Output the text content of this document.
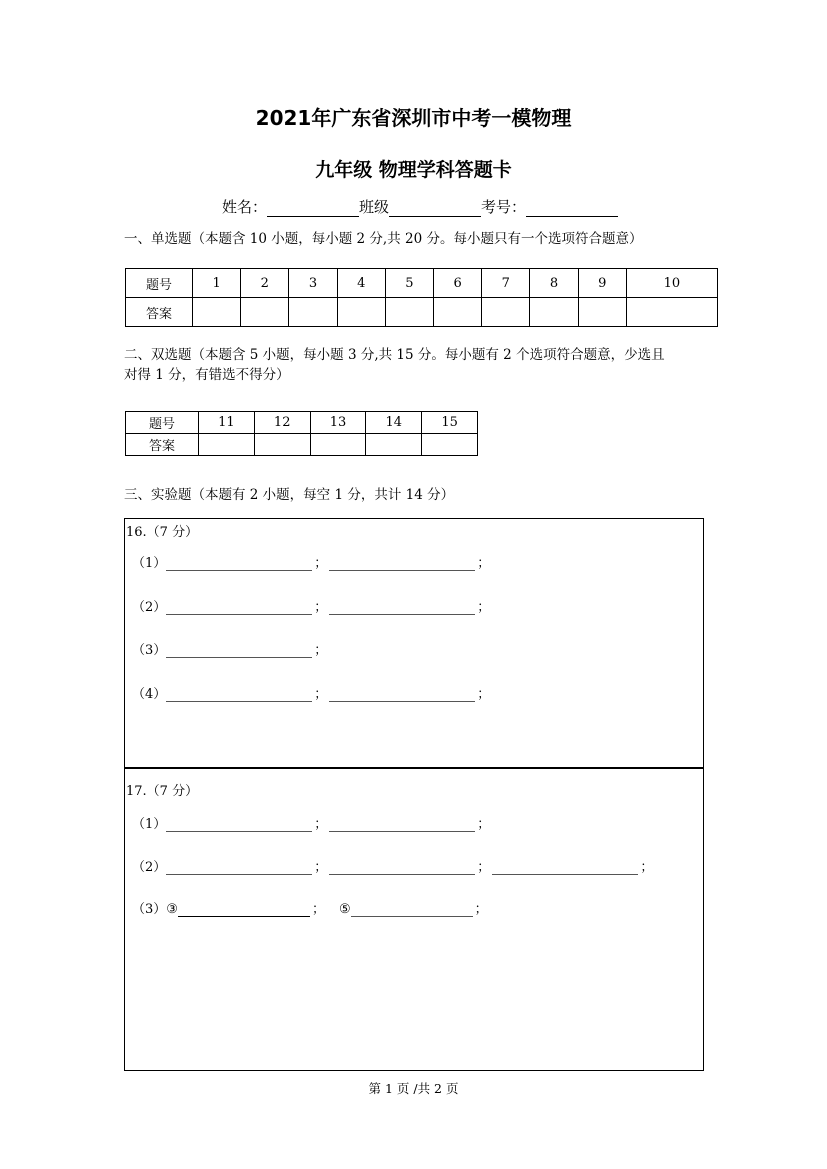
2021年广东省深圳市中考一模物理
九年级 物理学科答题卡
姓名：	班级	考号：
一、单选题（本题含 10 小题，每小题 2 分,共 20 分。每小题只有一个选项符合题意）
题号	1	2	3	4	5	6	7	8	9	10
答案										
二、双选题（本题含 5 小题，每小题 3 分,共 15 分。每小题有 2 个选项符合题意，少选且
对得 1 分，有错选不得分）
题号	11	12	13	14	15
答案					
三、实验题（本题有 2 小题，每空 1 分，共计 14 分）
16.（7 分）
（1）	；	；
（2）	；	；
（3）	；
（4）	；	；
17.（7 分）
（1）	；	；
（2）	；	；	；
（3） ③	； ⑤	；
第 1 页 /共 2 页
